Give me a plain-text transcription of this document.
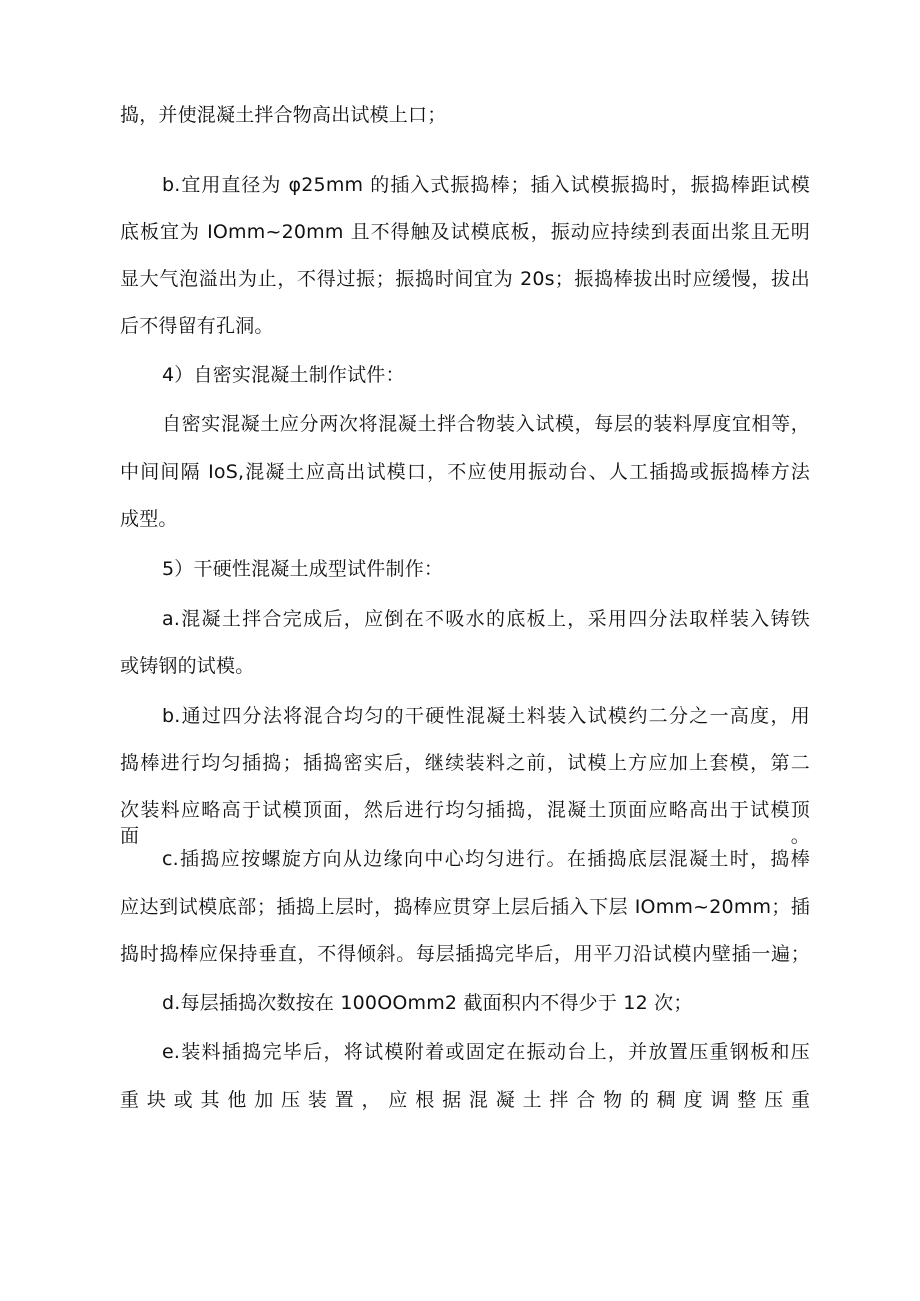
捣，并使混凝土拌合物高出试模上口；
b.宜用直径为 φ25mm 的插入式振捣棒；插入试模振捣时，振捣棒距试模
底板宜为 IOmm~20mm 且不得触及试模底板，振动应持续到表面出浆且无明
显大气泡溢出为止，不得过振；振捣时间宜为 20s；振捣棒拔出时应缓慢，拔出
后不得留有孔洞。
4）自密实混凝土制作试件：
自密实混凝土应分两次将混凝土拌合物装入试模，每层的装料厚度宜相等，
中间间隔 IoS,混凝土应高出试模口，不应使用振动台、人工插捣或振捣棒方法
成型。
5）干硬性混凝土成型试件制作：
a.混凝土拌合完成后，应倒在不吸水的底板上，采用四分法取样装入铸铁
或铸钢的试模。
b.通过四分法将混合均匀的干硬性混凝土料装入试模约二分之一高度，用
捣棒进行均匀插捣；插捣密实后，继续装料之前，试模上方应加上套模，第二
次装料应略高于试模顶面，然后进行均匀插捣，混凝土顶面应略高出于试模顶面。
c.插捣应按螺旋方向从边缘向中心均匀进行。在插捣底层混凝土时，捣棒
应达到试模底部；插捣上层时，捣棒应贯穿上层后插入下层 IOmm~20mm；插
捣时捣棒应保持垂直，不得倾斜。每层插捣完毕后，用平刀沿试模内壁插一遍；
d.每层插捣次数按在 100OOmm2 截面积内不得少于 12 次；
e.装料插捣完毕后，将试模附着或固定在振动台上，并放置压重钢板和压
重块或其他加压装置，应根据混凝土拌合物的稠度调整压重
